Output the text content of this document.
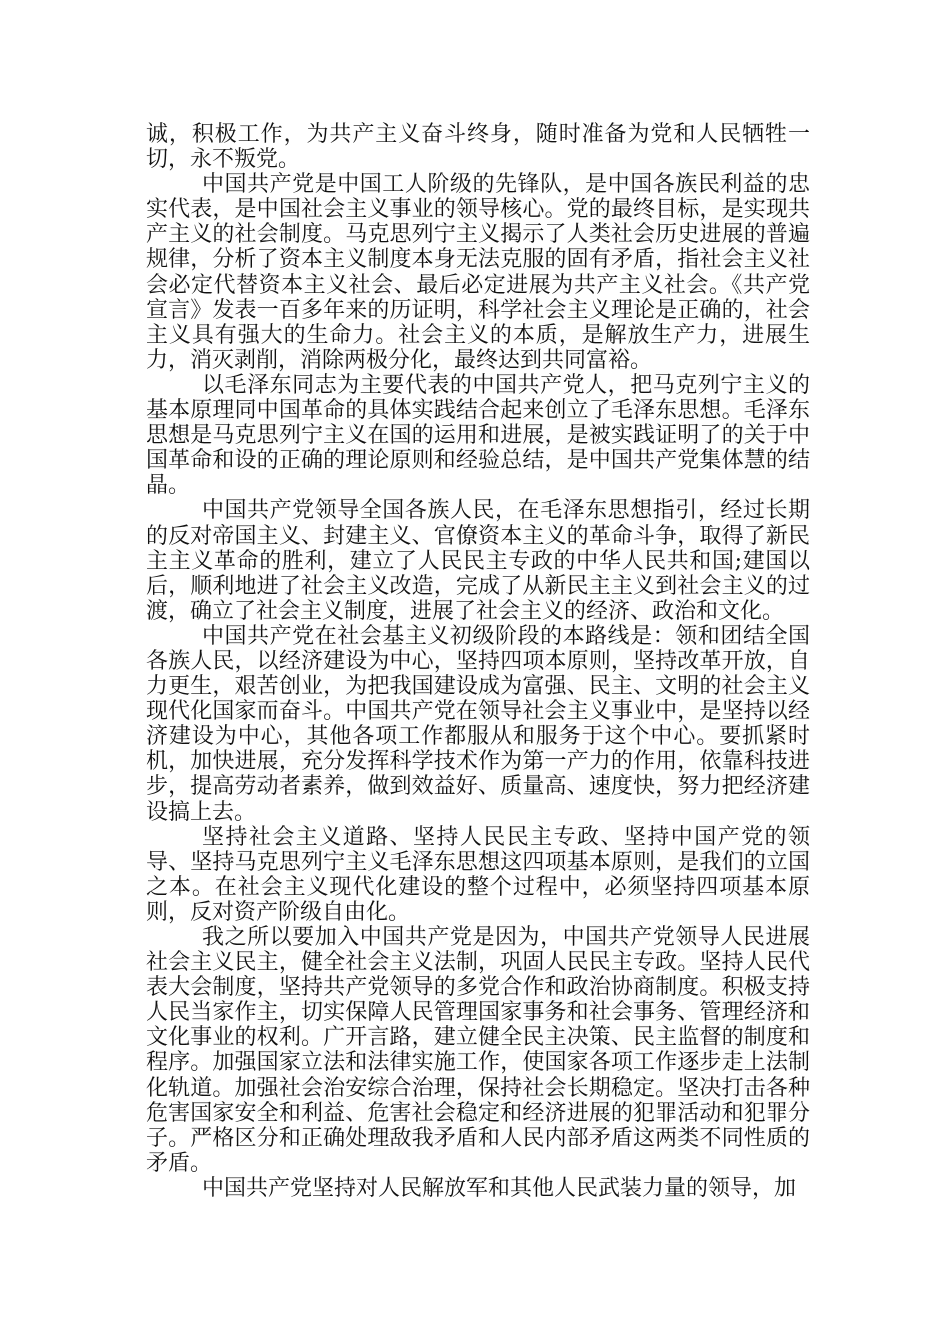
诚，积极工作，为共产主义奋斗终身，随时准备为党和人民牺牲一切，永不叛党。

中国共产党是中国工人阶级的先锋队，是中国各族民利益的忠实代表，是中国社会主义事业的领导核心。党的最终目标，是实现共产主义的社会制度。马克思列宁主义揭示了人类社会历史进展的普遍规律，分析了资本主义制度本身无法克服的固有矛盾，指社会主义社会必定代替资本主义社会、最后必定进展为共产主义社会。《共产党宣言》发表一百多年来的历证明，科学社会主义理论是正确的，社会主义具有强大的生命力。社会主义的本质，是解放生产力，进展生力，消灭剥削，消除两极分化，最终达到共同富裕。

以毛泽东同志为主要代表的中国共产党人，把马克列宁主义的基本原理同中国革命的具体实践结合起来创立了毛泽东思想。毛泽东思想是马克思列宁主义在国的运用和进展，是被实践证明了的关于中国革命和设的正确的理论原则和经验总结，是中国共产党集体慧的结晶。

中国共产党领导全国各族人民，在毛泽东思想指引，经过长期的反对帝国主义、封建主义、官僚资本主义的革命斗争，取得了新民主主义革命的胜利，建立了人民民主专政的中华人民共和国;建国以后，顺利地进了社会主义改造，完成了从新民主主义到社会主义的过渡，确立了社会主义制度，进展了社会主义的经济、政治和文化。

中国共产党在社会基主义初级阶段的本路线是：领和团结全国各族人民，以经济建设为中心，坚持四项本原则，坚持改革开放，自力更生，艰苦创业，为把我国建设成为富强、民主、文明的社会主义现代化国家而奋斗。中国共产党在领导社会主义事业中，是坚持以经济建设为中心，其他各项工作都服从和服务于这个中心。要抓紧时机，加快进展，充分发挥科学技术作为第一产力的作用，依靠科技进步，提高劳动者素养，做到效益好、质量高、速度快，努力把经济建设搞上去。

坚持社会主义道路、坚持人民民主专政、坚持中国产党的领导、坚持马克思列宁主义毛泽东思想这四项基本原则，是我们的立国之本。在社会主义现代化建设的整个过程中，必须坚持四项基本原则，反对资产阶级自由化。

我之所以要加入中国共产党是因为，中国共产党领导人民进展社会主义民主，健全社会主义法制，巩固人民民主专政。坚持人民代表大会制度，坚持共产党领导的多党合作和政治协商制度。积极支持人民当家作主，切实保障人民管理国家事务和社会事务、管理经济和文化事业的权利。广开言路，建立健全民主决策、民主监督的制度和程序。加强国家立法和法律实施工作，使国家各项工作逐步走上法制化轨道。加强社会治安综合治理，保持社会长期稳定。坚决打击各种危害国家安全和利益、危害社会稳定和经济进展的犯罪活动和犯罪分子。严格区分和正确处理敌我矛盾和人民内部矛盾这两类不同性质的矛盾。

中国共产党坚持对人民解放军和其他人民武装力量的领导，加
